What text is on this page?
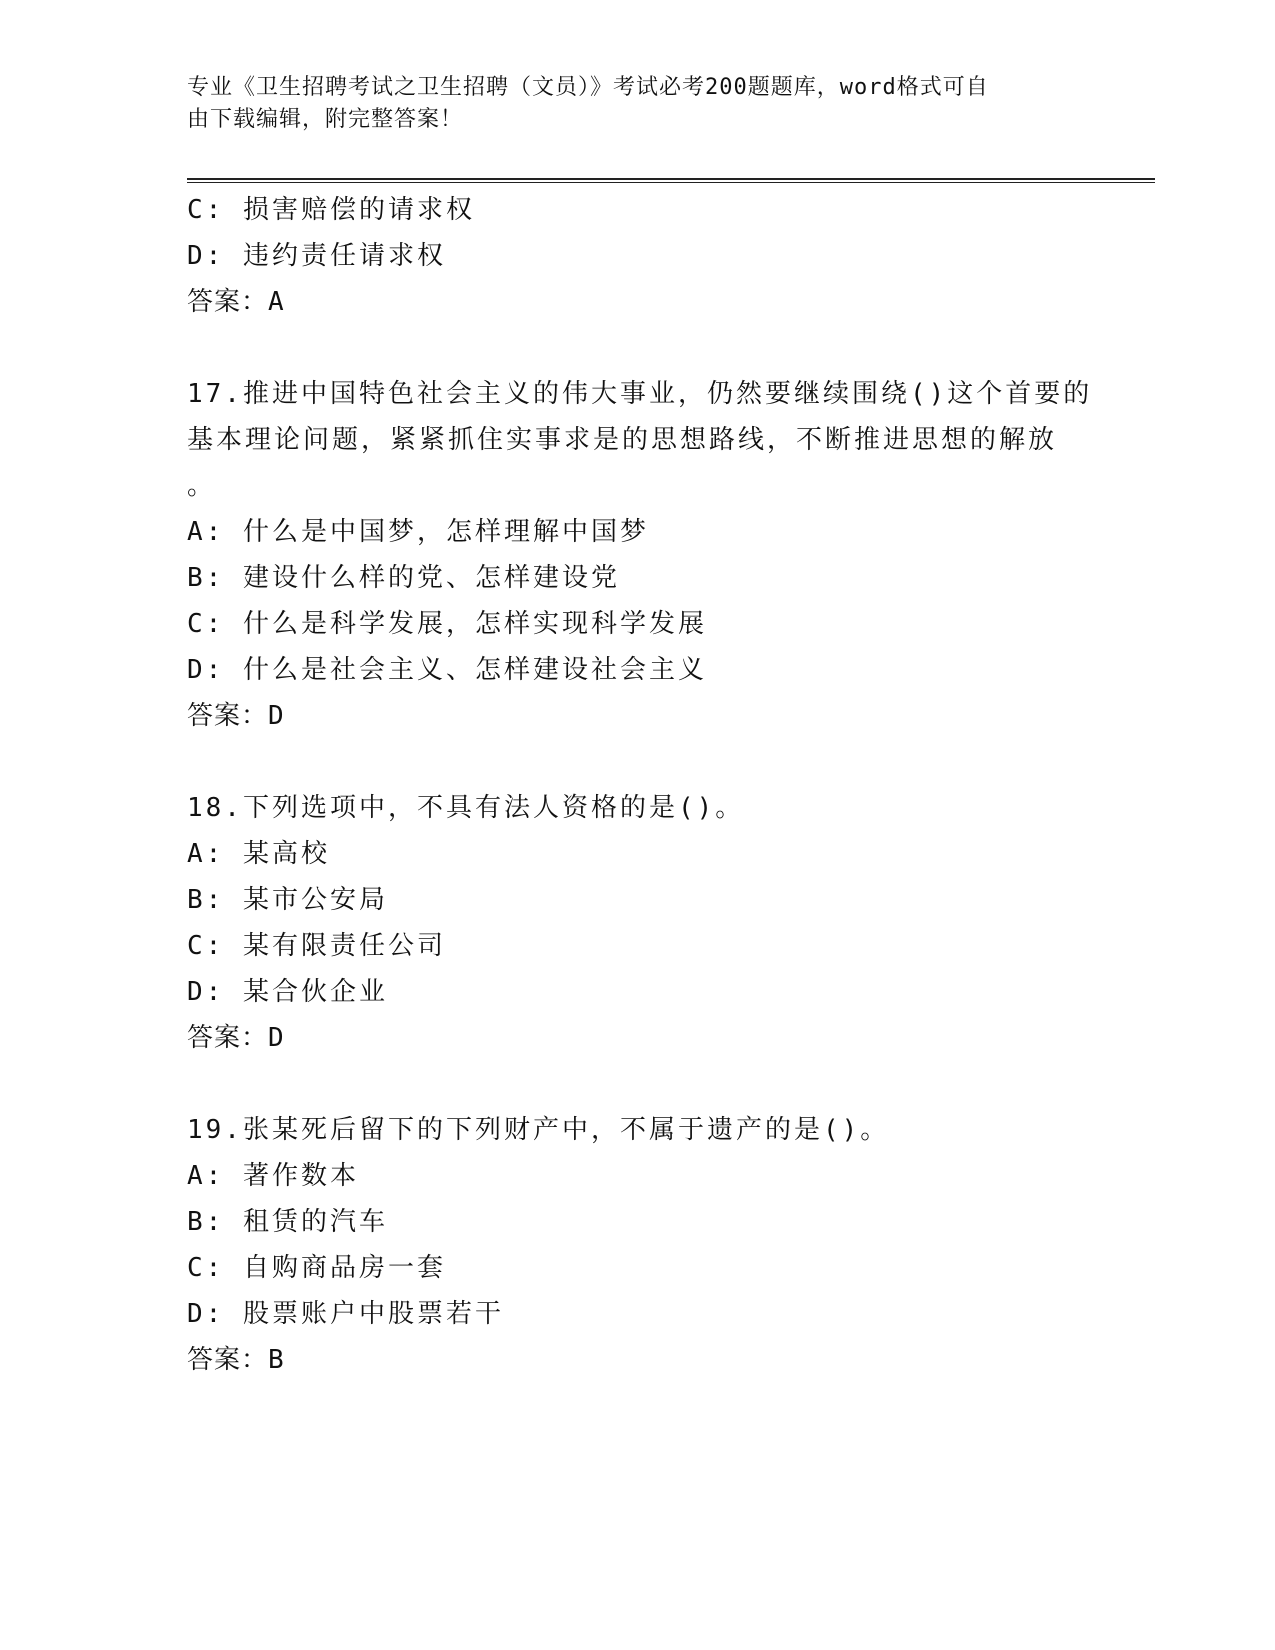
专业《卫生招聘考试之卫生招聘（文员）》考试必考200题题库，word格式可自
由下载编辑，附完整答案！

C: 损害赔偿的请求权

D: 违约责任请求权

答案：A

17.推进中国特色社会主义的伟大事业，仍然要继续围绕()这个首要的

基本理论问题，紧紧抓住实事求是的思想路线，不断推进思想的解放

。

A: 什么是中国梦，怎样理解中国梦

B: 建设什么样的党、怎样建设党

C: 什么是科学发展，怎样实现科学发展

D: 什么是社会主义、怎样建设社会主义

答案：D

18.下列选项中，不具有法人资格的是()。

A: 某高校

B: 某市公安局

C: 某有限责任公司

D: 某合伙企业

答案：D

19.张某死后留下的下列财产中，不属于遗产的是()。

A: 著作数本

B: 租赁的汽车

C: 自购商品房一套

D: 股票账户中股票若干

答案：B
